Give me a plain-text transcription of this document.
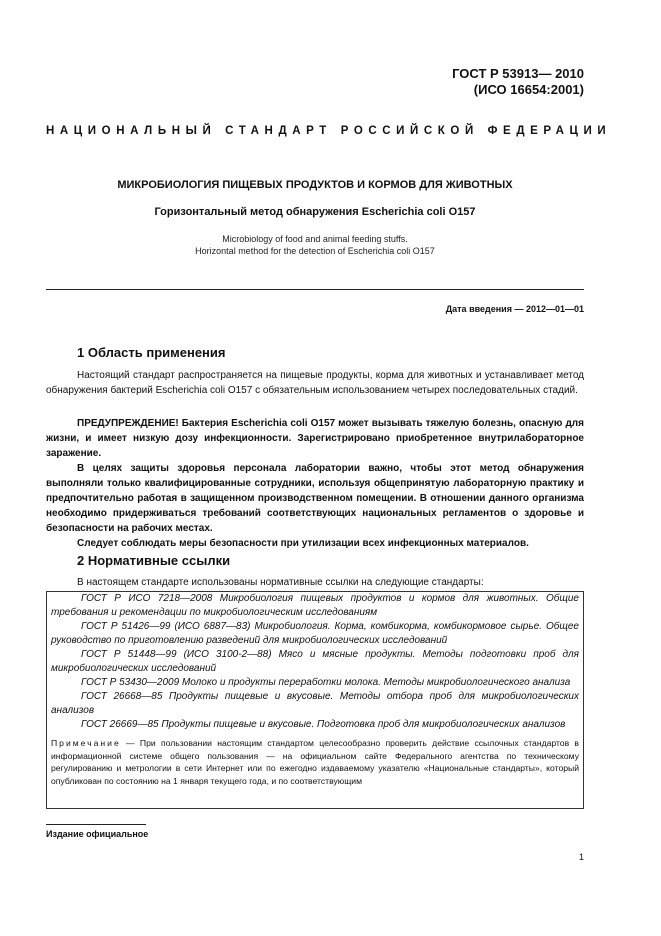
ГОСТ Р 53913— 2010
(ИСО 16654:2001)
НАЦИОНАЛЬНЫЙ СТАНДАРТ РОССИЙСКОЙ ФЕДЕРАЦИИ
МИКРОБИОЛОГИЯ ПИЩЕВЫХ ПРОДУКТОВ И КОРМОВ ДЛЯ ЖИВОТНЫХ
Горизонтальный метод обнаружения Escherichia coli O157
Microbiology of food and animal feeding stuffs.
Horizontal method for the detection of Escherichia coli O157
Дата введения — 2012—01—01
1 Область применения

Настоящий стандарт распространяется на пищевые продукты, корма для животных и устанавливает метод обнаружения бактерий Escherichia coli O157 с обязательным использованием четырех последовательных стадий.

ПРЕДУПРЕЖДЕНИЕ! Бактерия Escherichia coli O157 может вызывать тяжелую болезнь, опасную для жизни, и имеет низкую дозу инфекционности. Зарегистрировано приобретенное внутрилабораторное заражение.

В целях защиты здоровья персонала лаборатории важно, чтобы этот метод обнаружения выполняли только квалифицированные сотрудники, используя общепринятую лабораторную практику и предпочтительно работая в защищенном производственном помещении. В отношении данного организма необходимо придерживаться требований соответствующих национальных регламентов о здоровье и безопасности на рабочих местах.

Следует соблюдать меры безопасности при утилизации всех инфекционных материалов.

2 Нормативные ссылки

В настоящем стандарте использованы нормативные ссылки на следующие стандарты:

ГОСТ Р ИСО 7218—2008 Микробиология пищевых продуктов и кормов для животных. Общие требования и рекомендации по микробиологическим исследованиям

ГОСТ Р 51426—99 (ИСО 6887—83) Микробиология. Корма, комбикорма, комбикормовое сырье. Общее руководство по приготовлению разведений для микробиологических исследований

ГОСТ Р 51448—99 (ИСО 3100-2—88) Мясо и мясные продукты. Методы подготовки проб для микробиологических исследований

ГОСТ Р 53430—2009 Молоко и продукты переработки молока. Методы микробиологического анализа

ГОСТ 26668—85 Продукты пищевые и вкусовые. Методы отбора проб для микробиологических анализов

ГОСТ 26669—85 Продукты пищевые и вкусовые. Подготовка проб для микробиологических анализов

Примечание — При пользовании настоящим стандартом целесообразно проверить действие ссылочных стандартов в информационной системе общего пользования — на официальном сайте Федерального агентства по техническому регулированию и метрологии в сети Интернет или по ежегодно издаваемому указателю «Национальные стандарты», который опубликован по состоянию на 1 января текущего года, и по соответствующим
Издание официальное
1
